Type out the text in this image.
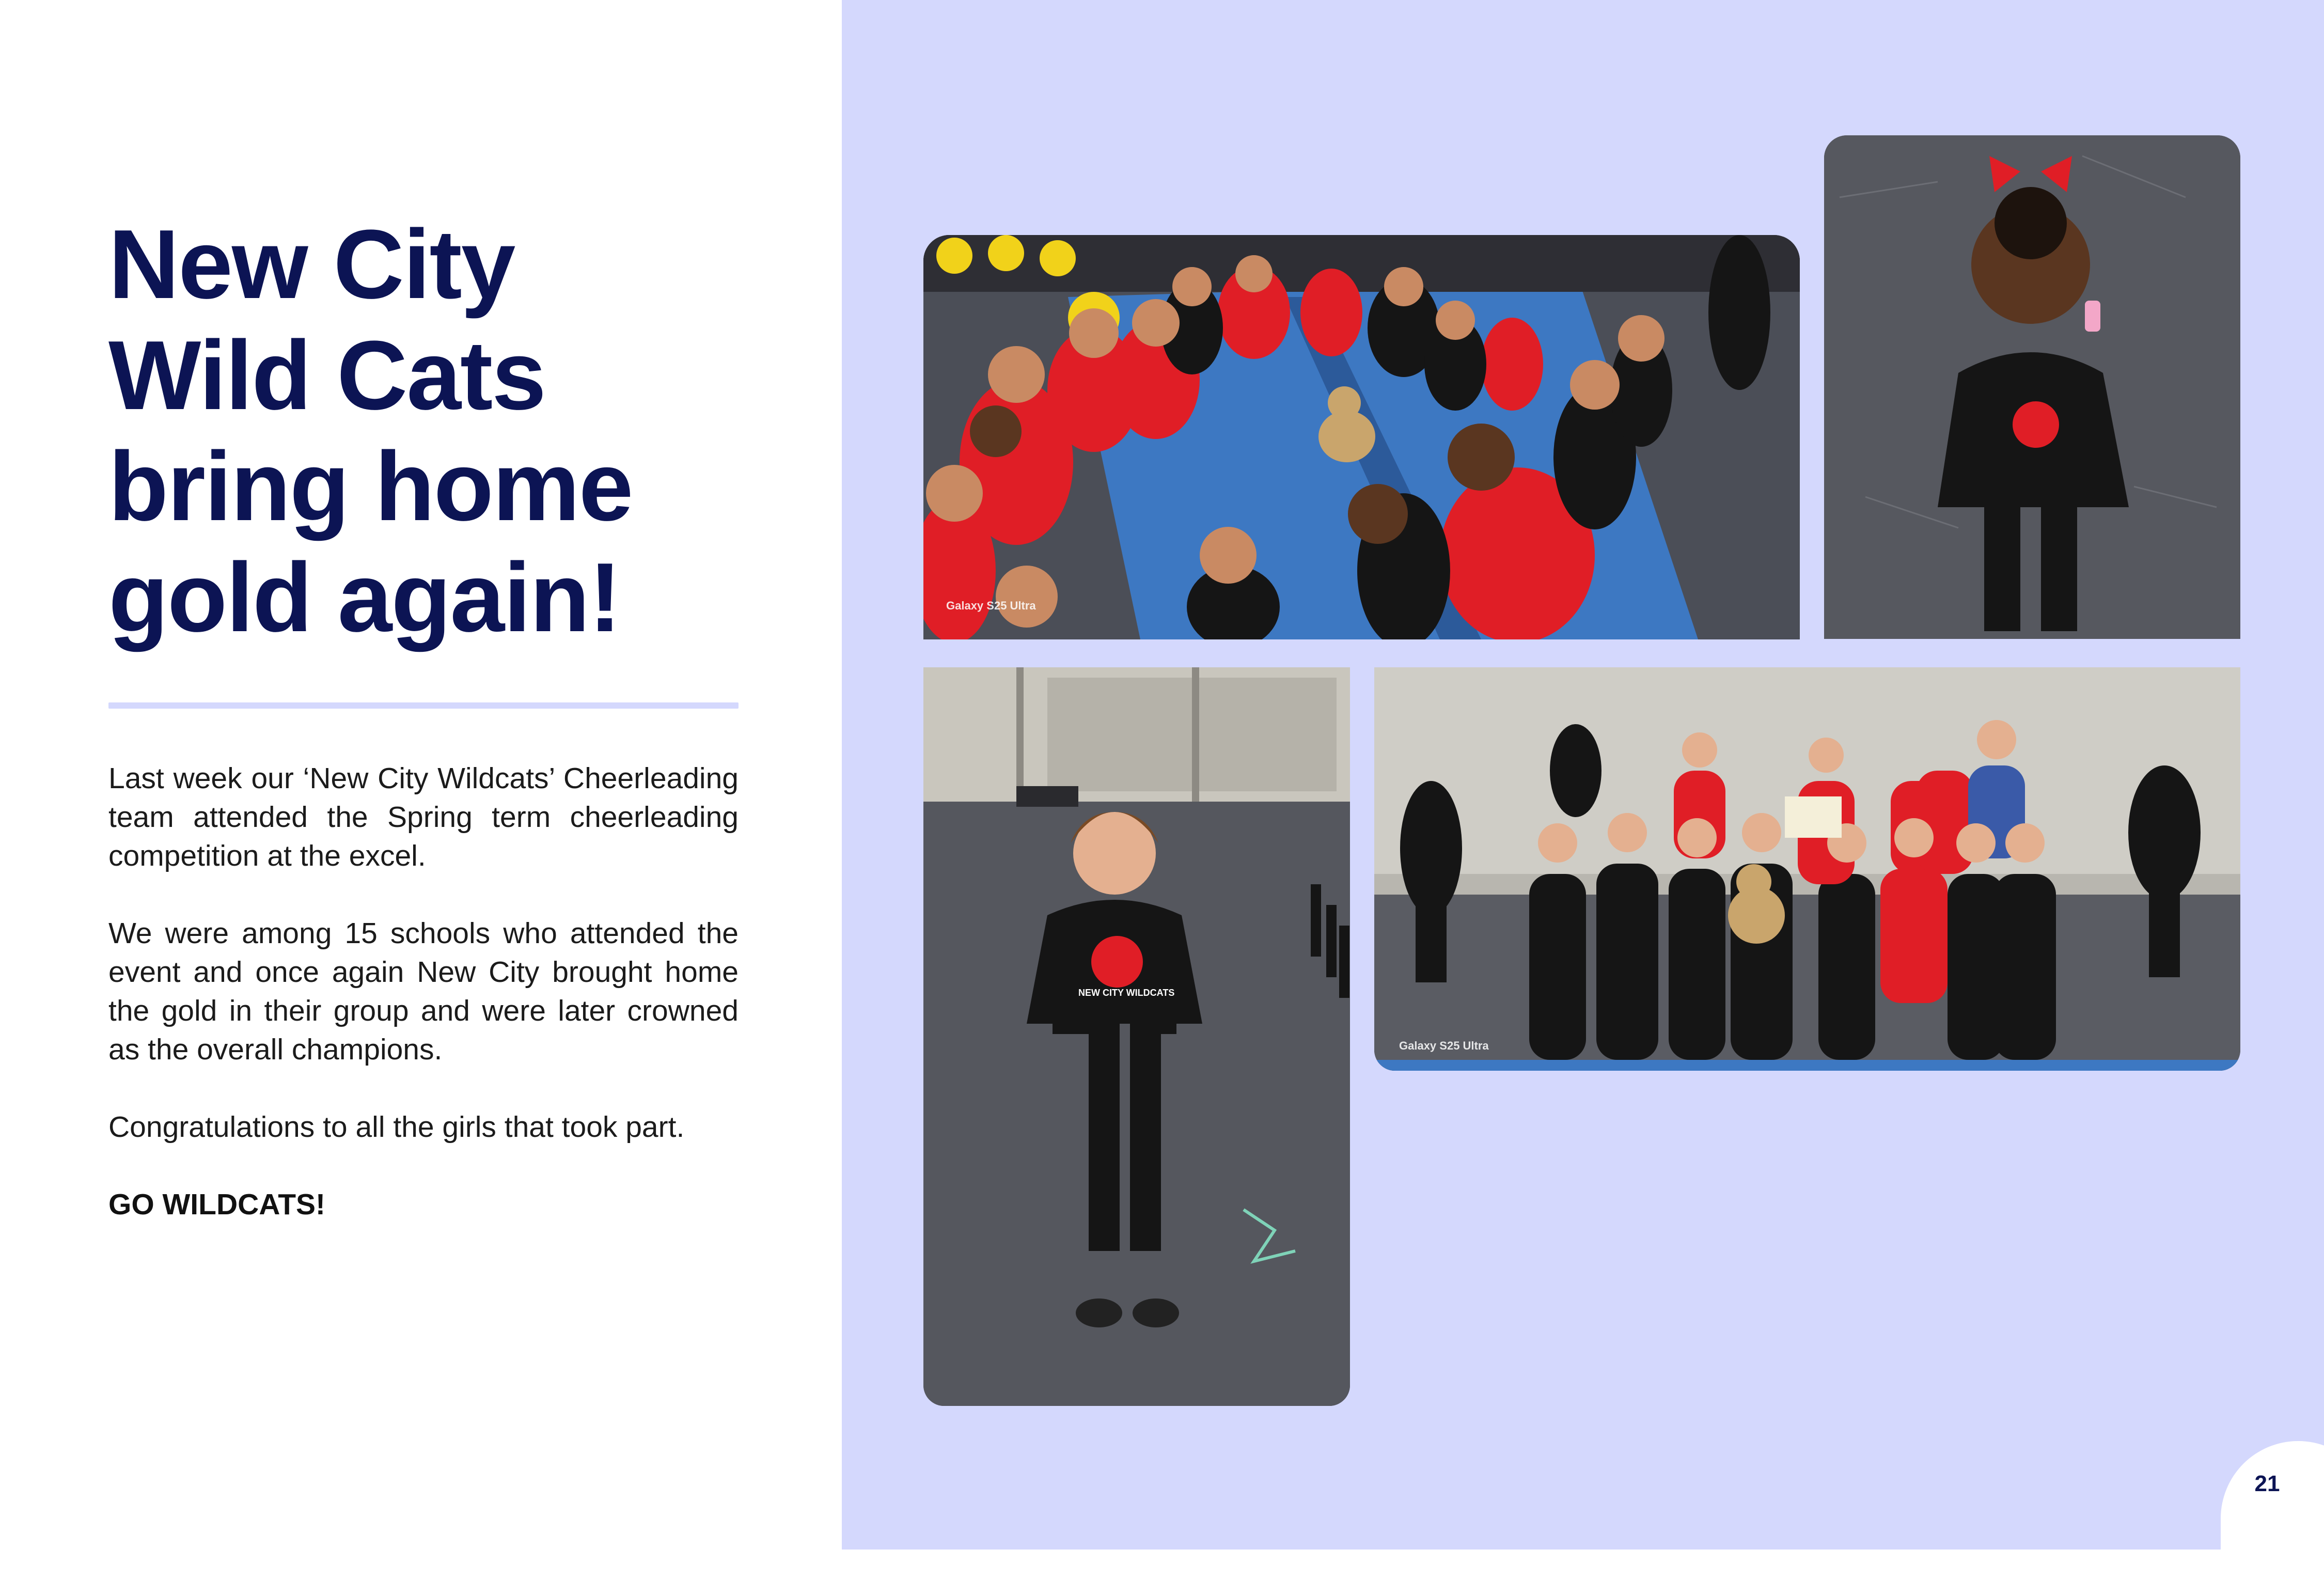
New City
Wild Cats
bring home
gold again!

Last week our ‘New City Wildcats’ Cheerleading team attended the Spring term cheerleading competition at the excel.

We were among 15 schools who attended the event and once again New City brought home the gold in their group and were later crowned as the overall champions.

Congratulations to all the girls that took part.

GO WILDCATS!

Galaxy S25 Ultra
NEW CITY WILDCATS
Galaxy S25 Ultra
21
